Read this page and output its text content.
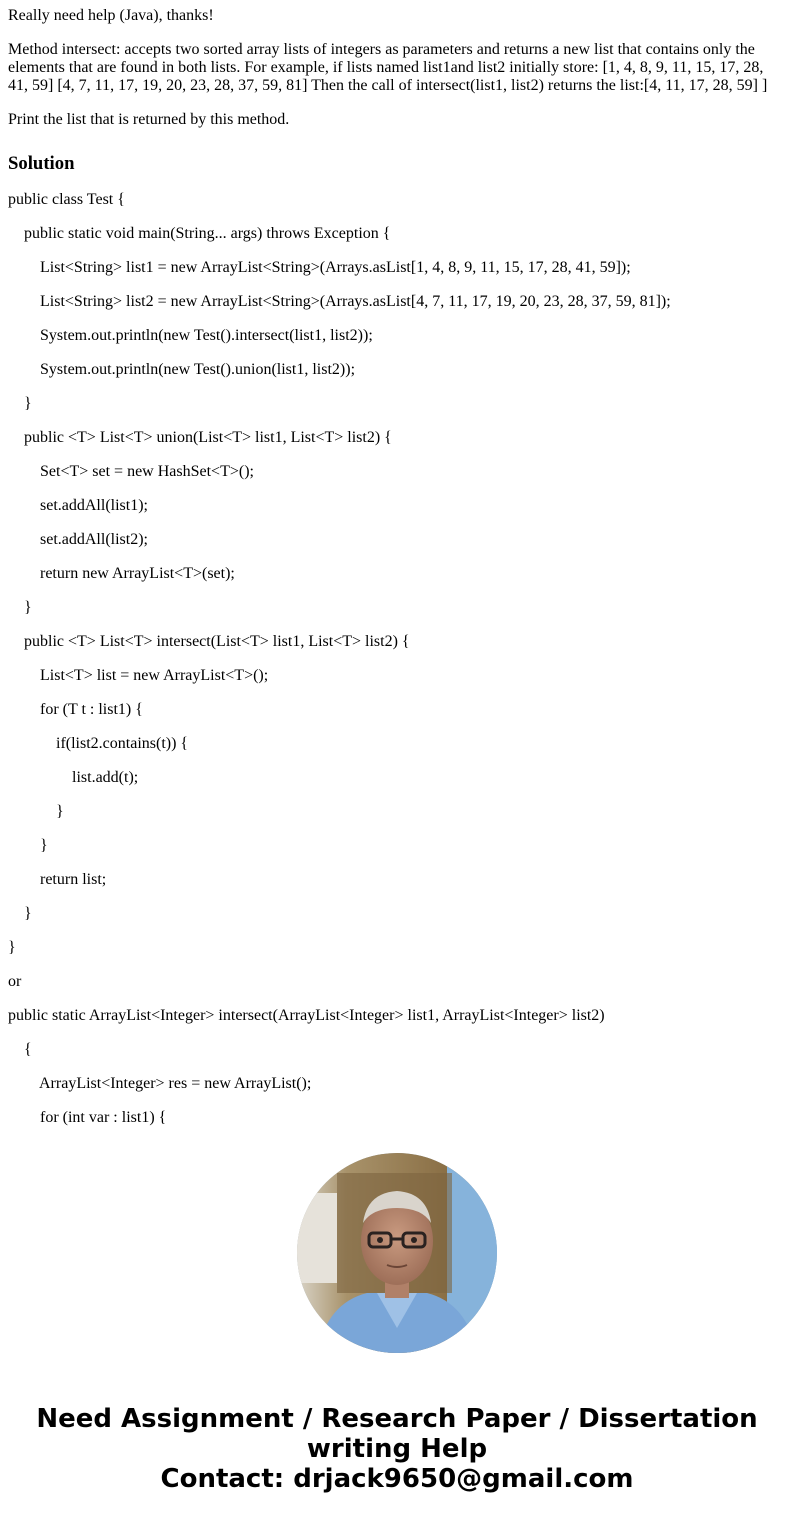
Really need help (Java), thanks!

Method intersect: accepts two sorted array lists of integers as parameters and returns a new list that contains only the elements that are found in both lists. For example, if lists named list1and list2 initially store: [1, 4, 8, 9, 11, 15, 17, 28, 41, 59] [4, 7, 11, 17, 19, 20, 23, 28, 37, 59, 81] Then the call of intersect(list1, list2) returns the list:[4, 11, 17, 28, 59] ]

Print the list that is returned by this method.

Solution
public class Test {
public static void main(String... args) throws Exception {
List<String> list1 = new ArrayList<String>(Arrays.asList[1, 4, 8, 9, 11, 15, 17, 28, 41, 59]);
List<String> list2 = new ArrayList<String>(Arrays.asList[4, 7, 11, 17, 19, 20, 23, 28, 37, 59, 81]);
System.out.println(new Test().intersect(list1, list2));
System.out.println(new Test().union(list1, list2));
}
public <T> List<T> union(List<T> list1, List<T> list2) {
Set<T> set = new HashSet<T>();
set.addAll(list1);
set.addAll(list2);
return new ArrayList<T>(set);
}
public <T> List<T> intersect(List<T> list1, List<T> list2) {
List<T> list = new ArrayList<T>();
for (T t : list1) {
if(list2.contains(t)) {
list.add(t);
}
}
return list;
}
}
or
public static ArrayList<Integer> intersect(ArrayList<Integer> list1, ArrayList<Integer> list2)
{
ArrayList<Integer> res = new ArrayList();
for (int var : list1) {
Need Assignment / Research Paper / Dissertation
writing Help
Contact: drjack9650@gmail.com
